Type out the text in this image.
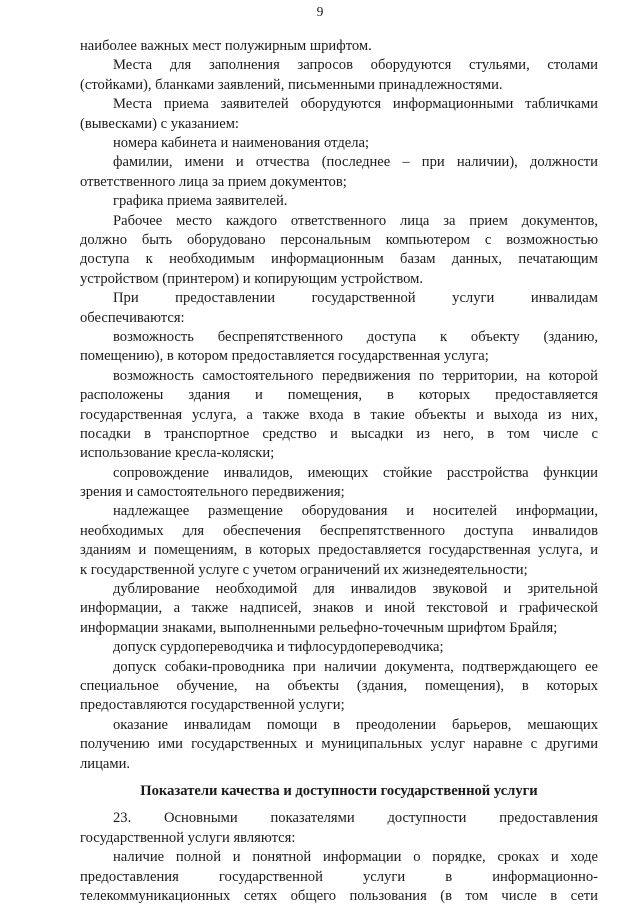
9
наиболее важных мест полужирным шрифтом.
Места для заполнения запросов оборудуются стульями, столами
(стойками), бланками заявлений, письменными принадлежностями.
Места приема заявителей оборудуются информационными табличками
(вывесками) с указанием:
номера кабинета и наименования отдела;
фамилии, имени и отчества (последнее – при наличии), должности
ответственного лица за прием документов;
графика приема заявителей.
Рабочее место каждого ответственного лица за прием документов,
должно быть оборудовано персональным компьютером с возможностью
доступа к необходимым информационным базам данных, печатающим
устройством (принтером) и копирующим устройством.
При предоставлении государственной услуги инвалидам
обеспечиваются:
возможность беспрепятственного доступа к объекту (зданию,
помещению), в котором предоставляется государственная услуга;
возможность самостоятельного передвижения по территории, на которой
расположены здания и помещения, в которых предоставляется
государственная услуга, а также входа в такие объекты и выхода из них,
посадки в транспортное средство и высадки из него, в том числе с
использование кресла-коляски;
сопровождение инвалидов, имеющих стойкие расстройства функции
зрения и самостоятельного передвижения;
надлежащее размещение оборудования и носителей информации,
необходимых для обеспечения беспрепятственного доступа инвалидов
зданиям и помещениям, в которых предоставляется государственная услуга, и
к государственной услуге с учетом ограничений их жизнедеятельности;
дублирование необходимой для инвалидов звуковой и зрительной
информации, а также надписей, знаков и иной текстовой и графической
информации знаками, выполненными рельефно-точечным шрифтом Брайля;
допуск сурдопереводчика и тифлосурдопереводчика;
допуск собаки-проводника при наличии документа, подтверждающего ее
специальное обучение, на объекты (здания, помещения), в которых
предоставляются государственной услуги;
оказание инвалидам помощи в преодолении барьеров, мешающих
получению ими государственных и муниципальных услуг наравне с другими
лицами.
Показатели качества и доступности государственной услуги
23. Основными показателями доступности предоставления
государственной услуги являются:
наличие полной и понятной информации о порядке, сроках и ходе
предоставления государственной услуги в информационно-
телекоммуникационных сетях общего пользования (в том числе в сети
